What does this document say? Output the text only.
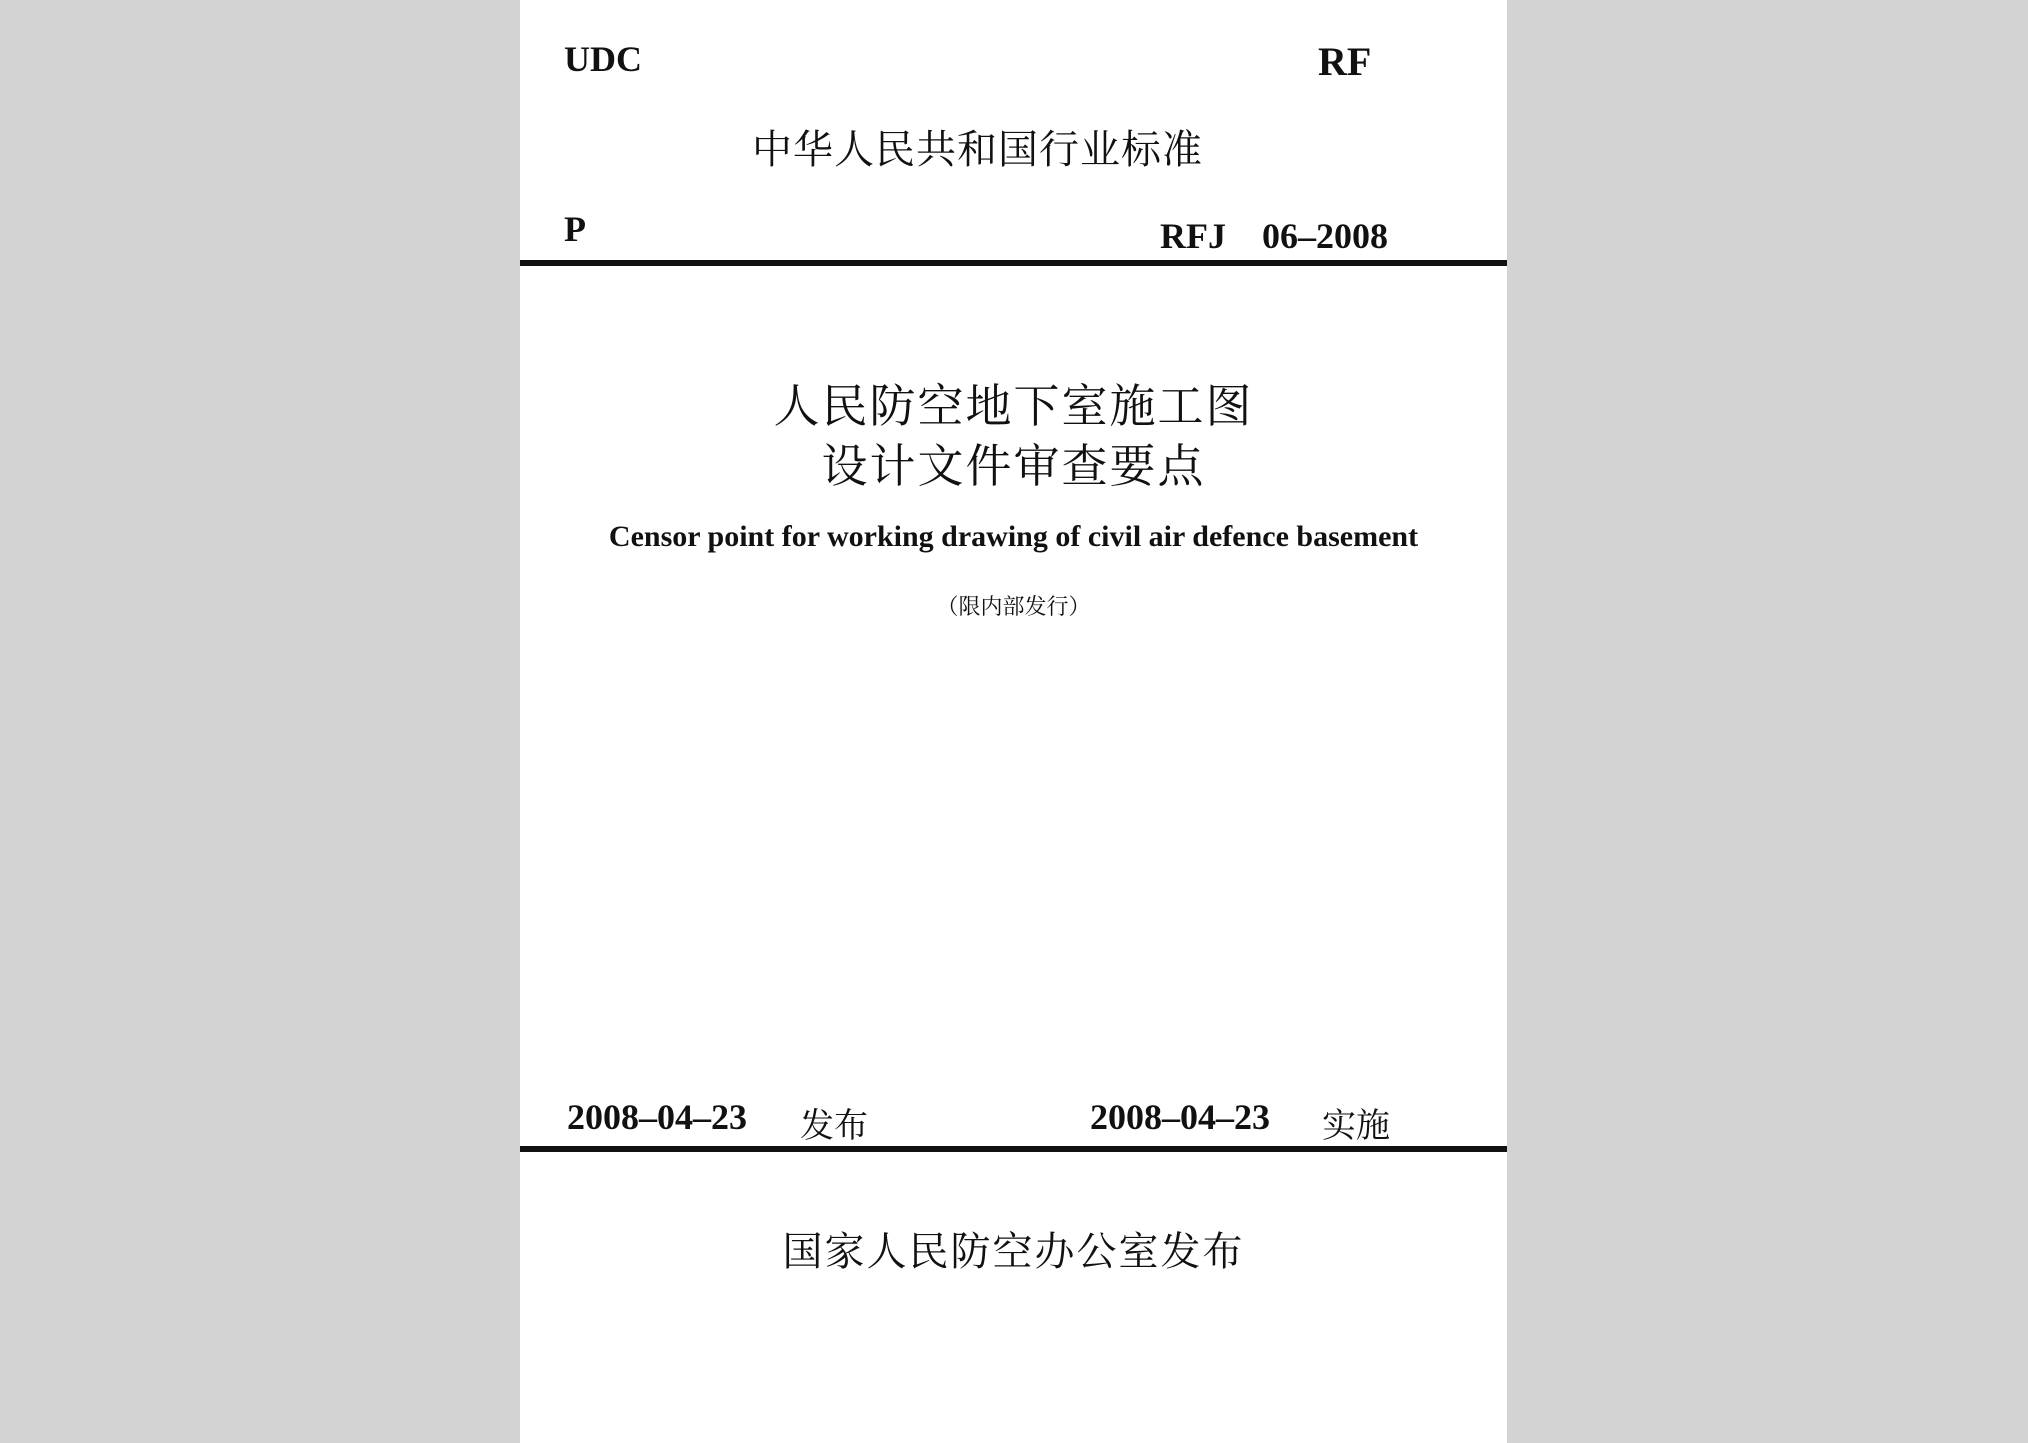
UDC	RF
中华人民共和国行业标准
P	RFJ　06–2008
人民防空地下室施工图
设计文件审查要点
Censor point for working drawing of civil air defence basement
（限内部发行）
2008–04–23 发布	2008–04–23 实施
国家人民防空办公室发布
